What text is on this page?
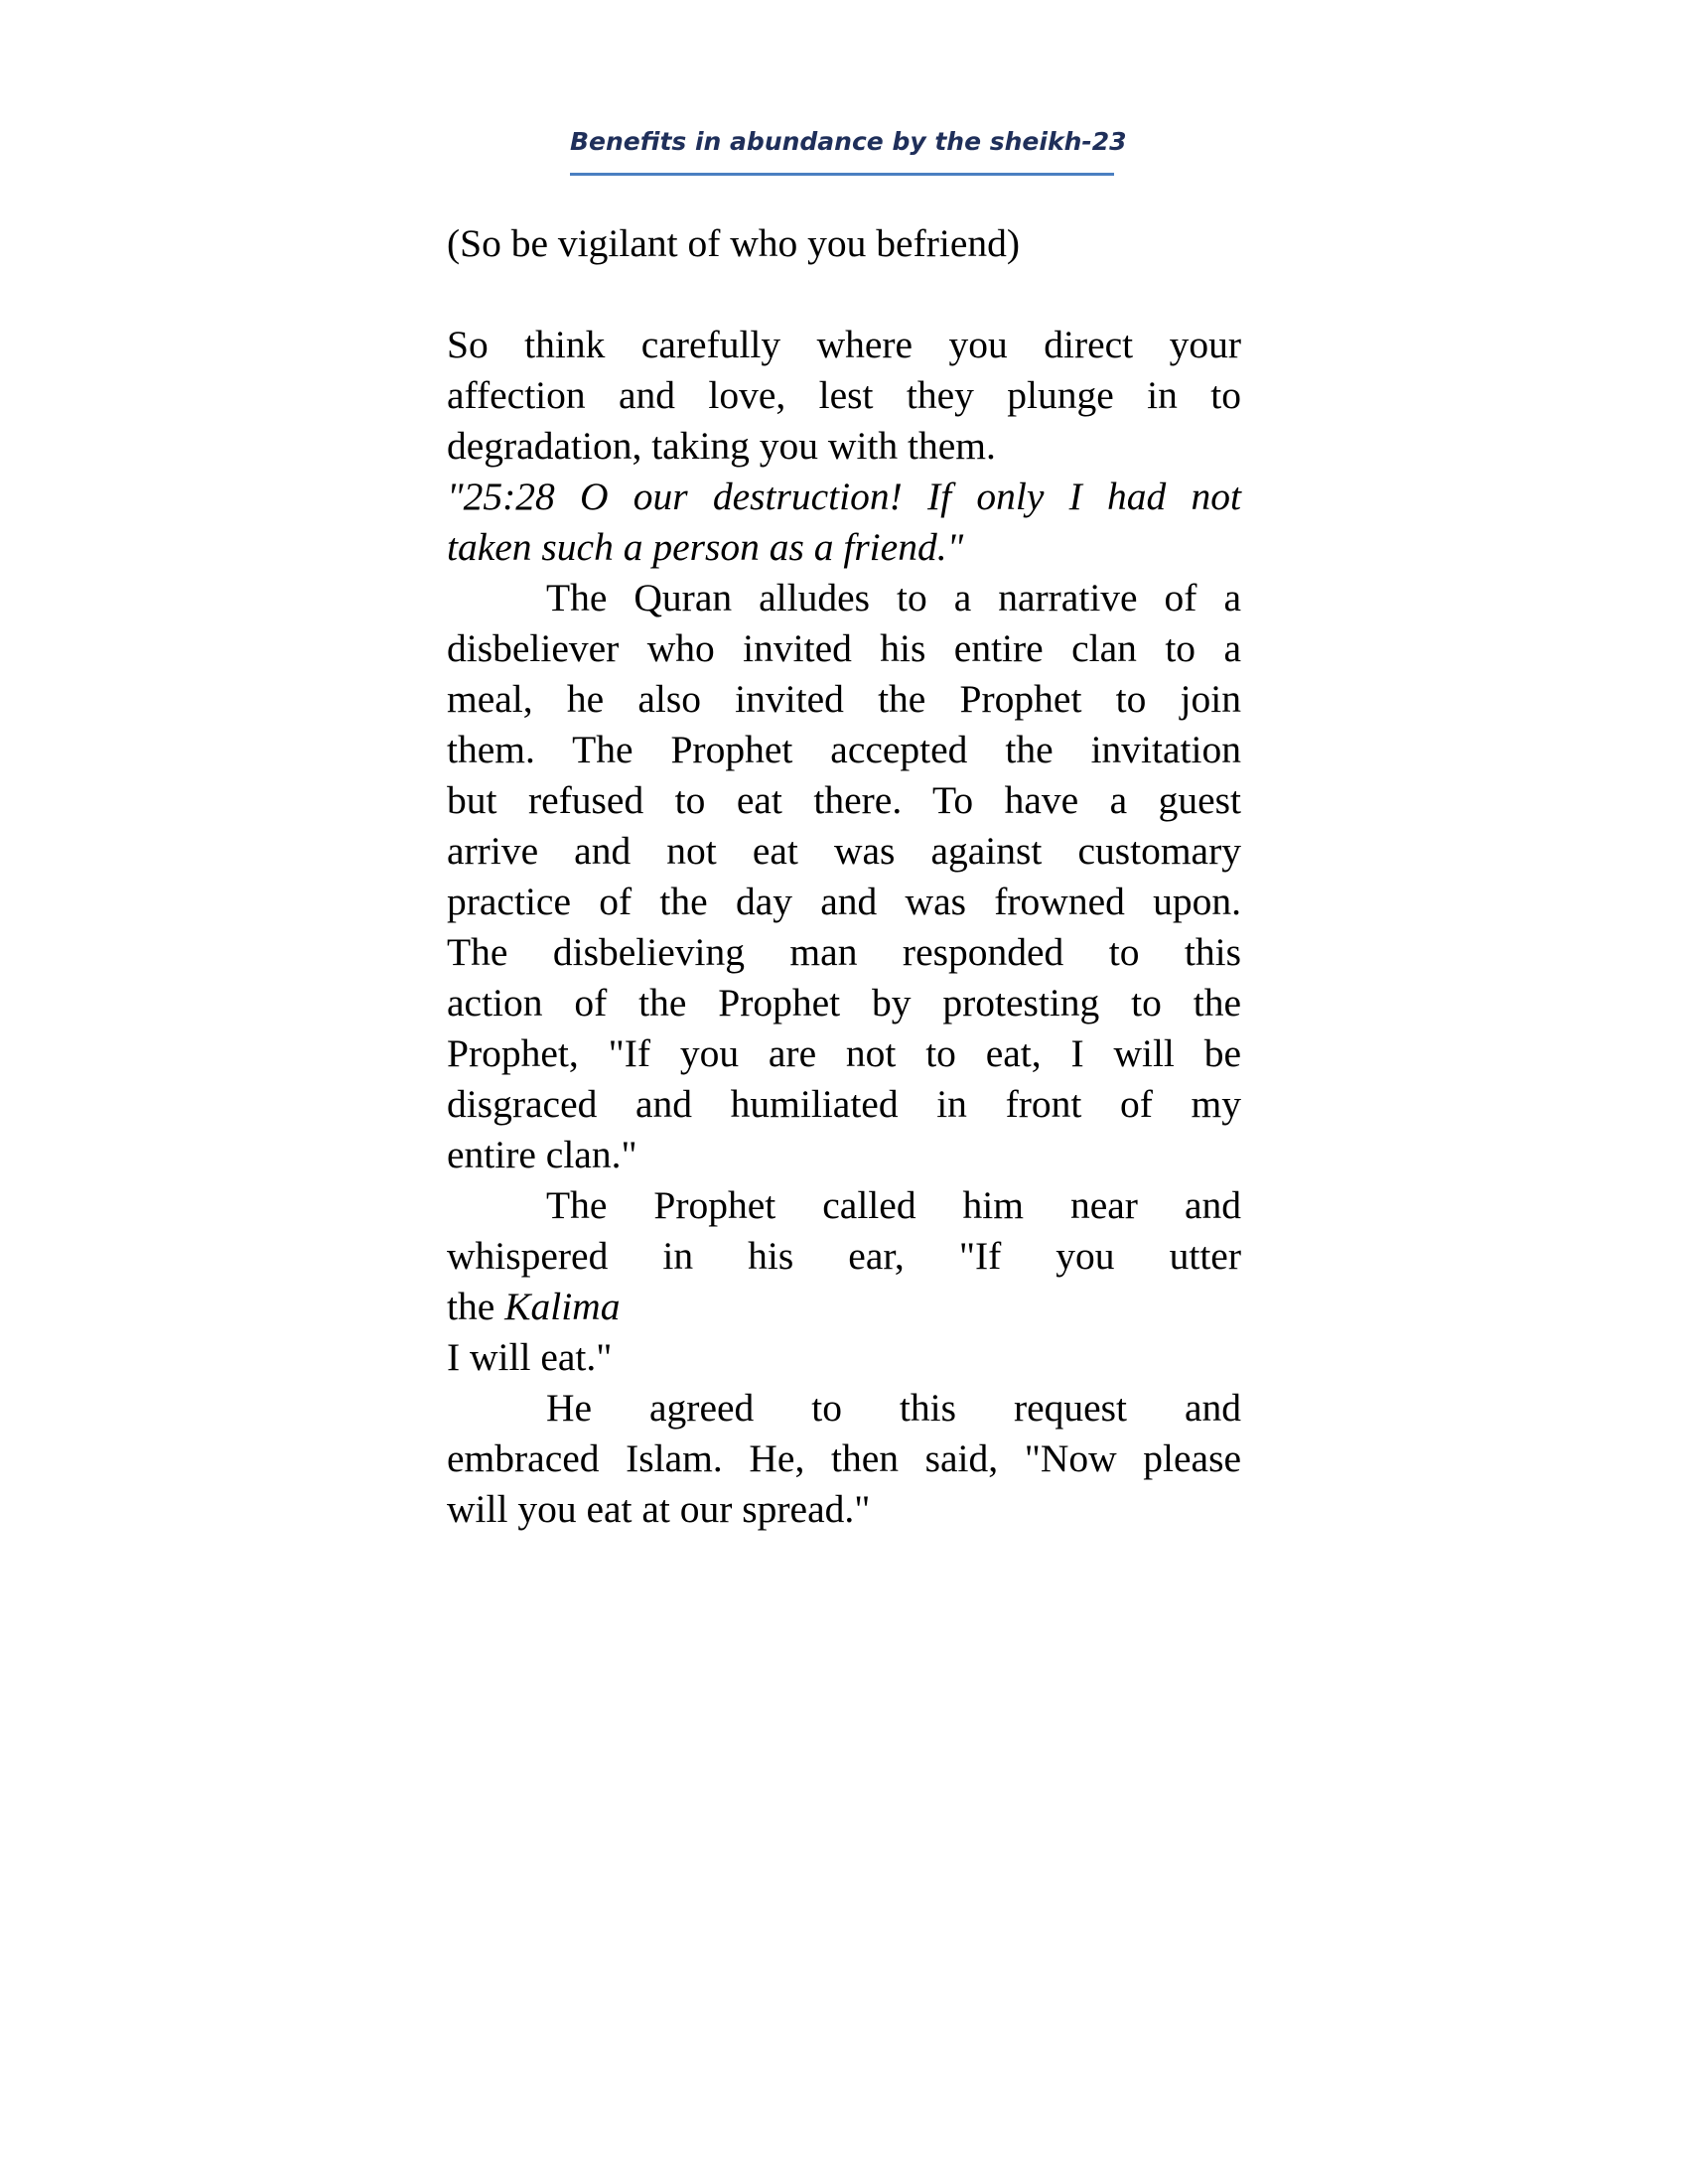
Benefits in abundance by the sheikh-23
(So be vigilant of who you befriend)
So think carefully where you direct your
affection and love, lest they plunge in to
degradation, taking you with them.
"25:28 O our destruction! If only I had not
taken such a person as a friend."
The Quran alludes to a narrative of a
disbeliever who invited his entire clan to a
meal, he also invited the Prophet to join
them. The Prophet accepted the invitation
but refused to eat there. To have a guest
arrive and not eat was against customary
practice of the day and was frowned upon.
The disbelieving man responded to this
action of the Prophet by protesting to the
Prophet, "If you are not to eat, I will be
disgraced and humiliated in front of my
entire clan."
The Prophet called him near and
whispered in his ear, "If you utter
the Kalima
I will eat."
He agreed to this request and
embraced Islam. He, then said, "Now please
will you eat at our spread."
